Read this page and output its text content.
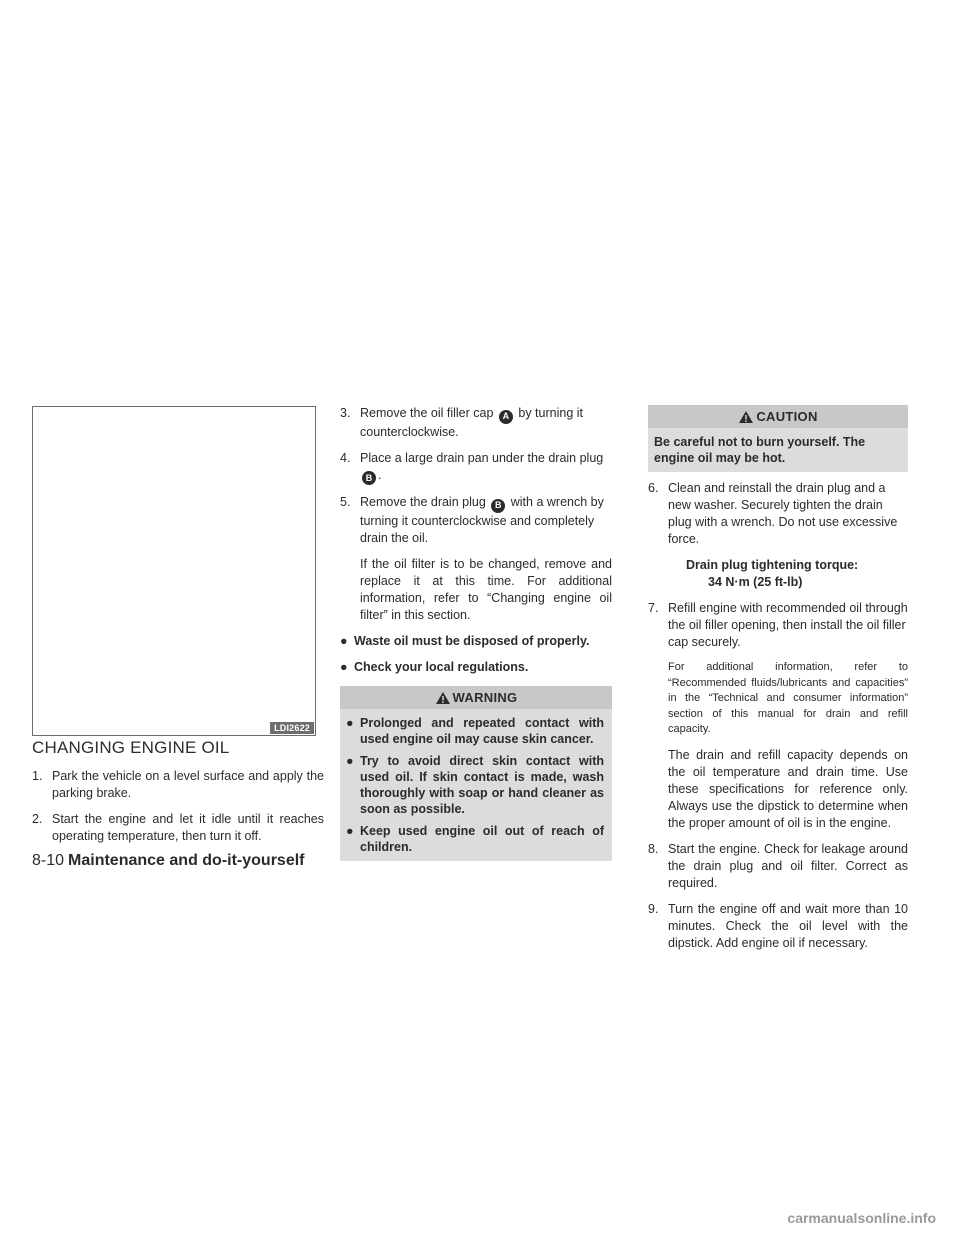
LDI2622
CHANGING ENGINE OIL
1. Park the vehicle on a level surface and apply the parking brake.
2. Start the engine and let it idle until it reaches operating temperature, then turn it off.
3. Remove the oil filler cap A by turning it counterclockwise.
4. Place a large drain pan under the drain plug B .
5. Remove the drain plug B with a wrench by turning it counterclockwise and completely drain the oil.
If the oil filter is to be changed, remove and replace it at this time. For additional information, refer to “Changing engine oil filter” in this section.
● Waste oil must be disposed of properly.
● Check your local regulations.
WARNING
● Prolonged and repeated contact with used engine oil may cause skin cancer.
● Try to avoid direct skin contact with used oil. If skin contact is made, wash thoroughly with soap or hand cleaner as soon as possible.
● Keep used engine oil out of reach of children.
CAUTION
Be careful not to burn yourself. The engine oil may be hot.
6. Clean and reinstall the drain plug and a new washer. Securely tighten the drain plug with a wrench. Do not use excessive force.
Drain plug tightening torque:
34 N·m (25 ft-lb)
7. Refill engine with recommended oil through the oil filler opening, then install the oil filler cap securely.
For additional information, refer to “Recommended fluids/lubricants and capacities” in the “Technical and consumer information” section of this manual for drain and refill capacity.
The drain and refill capacity depends on the oil temperature and drain time. Use these specifications for reference only. Always use the dipstick to determine when the proper amount of oil is in the engine.
8. Start the engine. Check for leakage around the drain plug and oil filter. Correct as required.
9. Turn the engine off and wait more than 10 minutes. Check the oil level with the dipstick. Add engine oil if necessary.
8-10 Maintenance and do-it-yourself
carmanualsonline.info
